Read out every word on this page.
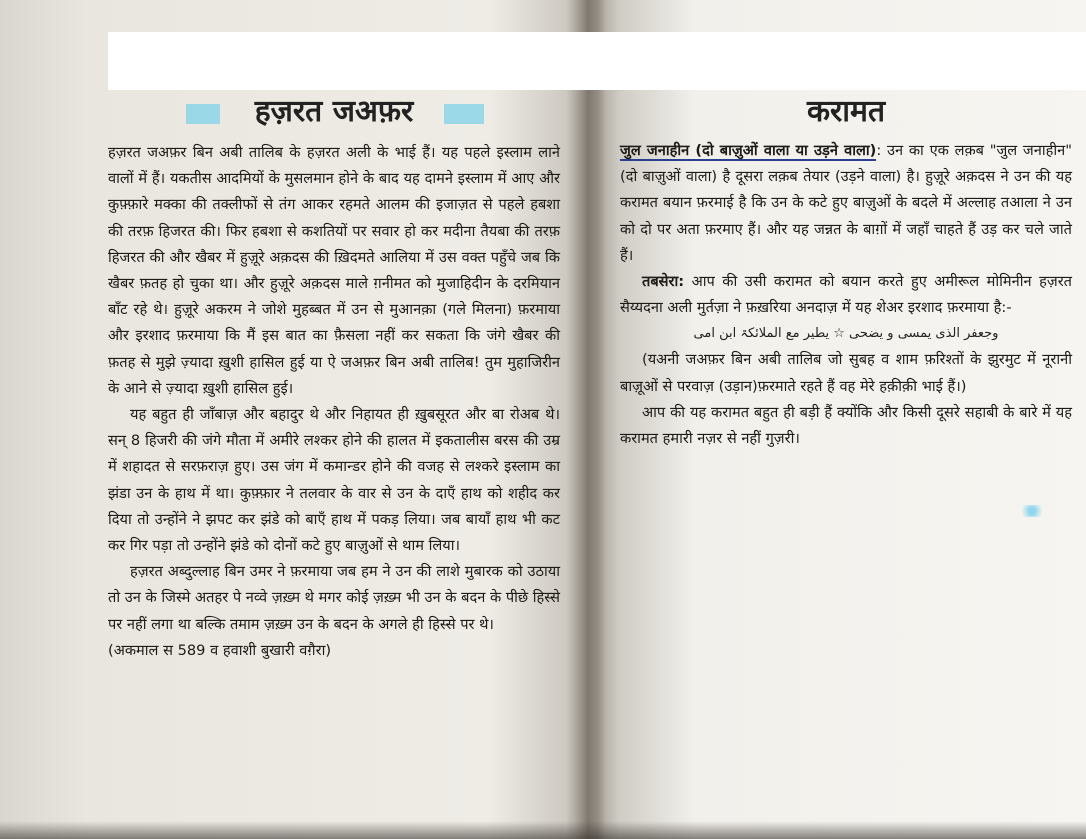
हज़रत जअफ़र

हज़रत जअफ़र बिन अबी तालिब के हज़रत अली के भाई हैं। यह पहले इस्लाम लाने वालों में हैं। यकतीस आदमियों के मुसलमान होने के बाद यह दामने इस्लाम में आए और कुफ़्फ़ारे मक्का की तक्लीफों से तंग आकर रहमते आलम की इजाज़त से पहले हबशा की तरफ़ हिजरत की। फिर हबशा से कशतियों पर सवार हो कर मदीना तैयबा की तरफ़ हिजरत की और खैबर में हुज़ूरे अक़दस की ख़िदमते आलिया में उस वक्त पहुँचे जब कि खैबर फ़तह हो चुका था। और हुज़ूरे अक़दस माले ग़नीमत को मुजाहिदीन के दरमियान बाँट रहे थे। हुज़ूरे अकरम ने जोशे मुहब्बत में उन से मुआनक़ा (गले मिलना) फ़रमाया और इरशाद फ़रमाया कि मैं इस बात का फ़ैसला नहीं कर सकता कि जंगे खैबर की फ़तह से मुझे ज़्यादा ख़ुशी हासिल हुई या ऐ जअफ़र बिन अबी तालिब! तुम मुहाजिरीन के आने से ज़्यादा ख़ुशी हासिल हुई।

यह बहुत ही जाँबाज़ और बहादुर थे और निहायत ही ख़ुबसूरत और बा रोअब थे। सन् 8 हिजरी की जंगे मौता में अमीरे लश्कर होने की हालत में इकतालीस बरस की उम्र में शहादत से सरफ़राज़ हुए। उस जंग में कमान्डर होने की वजह से लश्करे इस्लाम का झंडा उन के हाथ में था। कुफ़्फ़ार ने तलवार के वार से उन के दाएँ हाथ को शहीद कर दिया तो उन्होंने ने झपट कर झंडे को बाएँ हाथ में पकड़ लिया। जब बायाँ हाथ भी कट कर गिर पड़ा तो उन्होंने झंडे को दोनों कटे हुए बाज़ुओं से थाम लिया।

हज़रत अब्दुल्लाह बिन उमर ने फ़रमाया जब हम ने उन की लाशे मुबारक को उठाया तो उन के जिस्मे अतहर पे नव्वे ज़ख़्म थे मगर कोई ज़ख़्म भी उन के बदन के पीछे हिस्से पर नहीं लगा था बल्कि तमाम ज़ख़्म उन के बदन के अगले ही हिस्से पर थे।

(अकमाल स 589 व हवाशी बुखारी वग़ैरा)

करामत

जुल जनाहीन (दो बाज़ुओं वाला या उड़ने वाला): उन का एक लक़ब "जुल जनाहीन" (दो बाज़ुओं वाला) है दूसरा लक़ब तेयार (उड़ने वाला) है। हुज़ूरे अक़दस ने उन की यह करामत बयान फ़रमाई है कि उन के कटे हुए बाज़ुओं के बदले में अल्लाह तआला ने उन को दो पर अता फ़रमाए हैं। और यह जन्नत के बाग़ों में जहाँ चाहते हैं उड़ कर चले जाते हैं।

तबसेरा: आप की उसी करामत को बयान करते हुए अमीरूल मोमिनीन हज़रत सैय्यदना अली मुर्तज़ा ने फ़ख़रिया अनदाज़ में यह शेअर इरशाद फ़रमाया है:-

وجعفر الذی یمسی و یضحی ☆ یطیر مع الملائکۃ ابن امی

(यअनी जअफ़र बिन अबी तालिब जो सुबह व शाम फ़रिश्तों के झुरमुट में नूरानी बाज़ूओं से परवाज़ (उड़ान)फ़रमाते रहते हैं वह मेरे हक़ीक़ी भाई हैं।)

आप की यह करामत बहुत ही बड़ी हैं क्योंकि और किसी दूसरे सहाबी के बारे में यह करामत हमारी नज़र से नहीं गुज़री।
